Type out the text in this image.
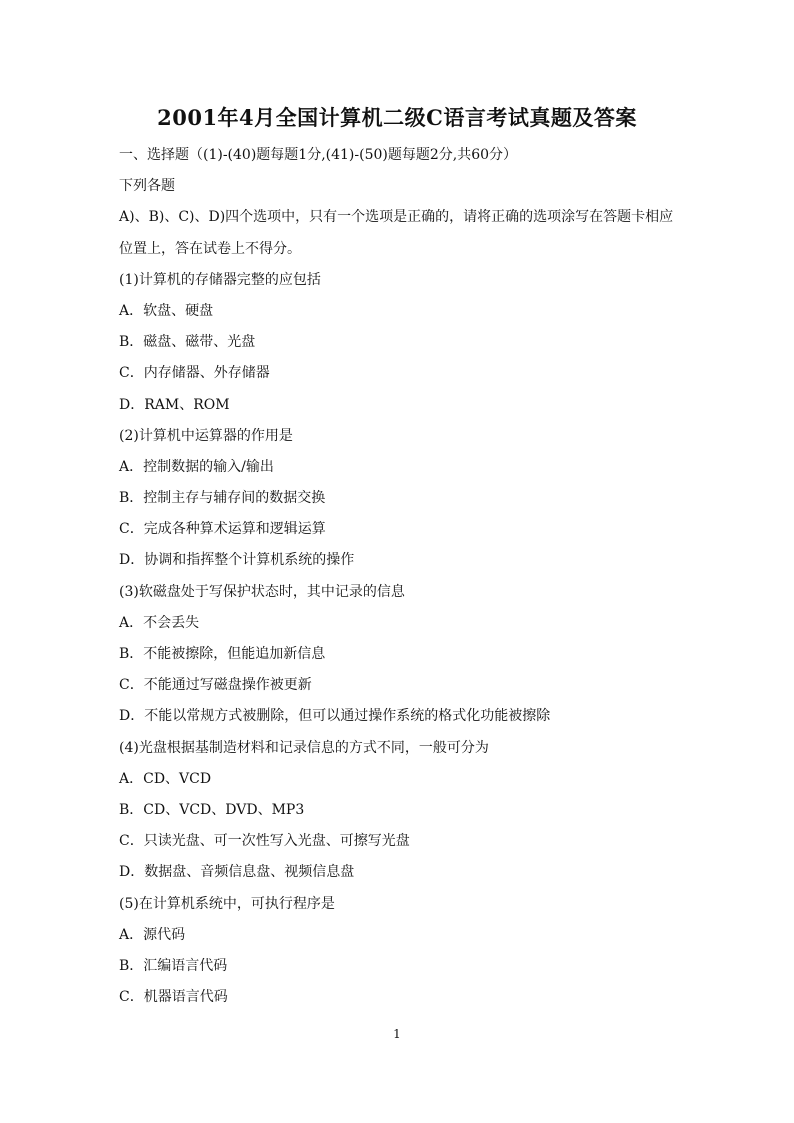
2001年4月全国计算机二级C语言考试真题及答案
一、选择题（(1)-(40)题每题1分,(41)-(50)题每题2分,共60分）
下列各题
A)、B)、C)、D)四个选项中，只有一个选项是正确的，请将正确的选项涂写在答题卡相应
位置上，答在试卷上不得分。
(1)计算机的存储器完整的应包括
A．软盘、硬盘
B．磁盘、磁带、光盘
C．内存储器、外存储器
D．RAM、ROM
(2)计算机中运算器的作用是
A．控制数据的输入/输出
B．控制主存与辅存间的数据交换
C．完成各种算术运算和逻辑运算
D．协调和指挥整个计算机系统的操作
(3)软磁盘处于写保护状态时，其中记录的信息
A．不会丢失
B．不能被擦除，但能追加新信息
C．不能通过写磁盘操作被更新
D．不能以常规方式被删除，但可以通过操作系统的格式化功能被擦除
(4)光盘根据基制造材料和记录信息的方式不同，一般可分为
A．CD、VCD
B．CD、VCD、DVD、MP3
C．只读光盘、可一次性写入光盘、可擦写光盘
D．数据盘、音频信息盘、视频信息盘
(5)在计算机系统中，可执行程序是
A．源代码
B．汇编语言代码
C．机器语言代码
1
